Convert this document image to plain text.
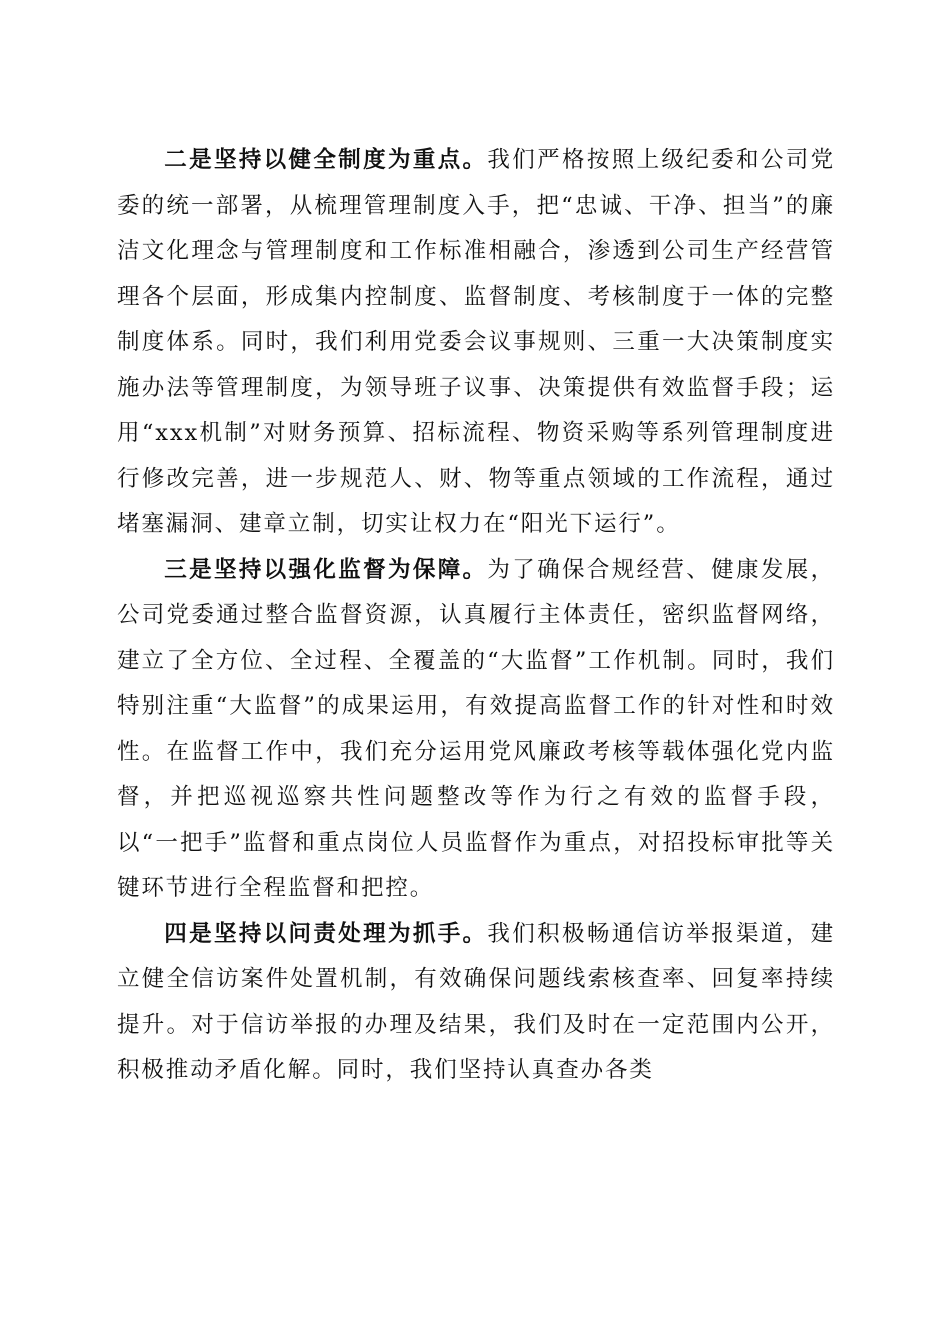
二是坚持以健全制度为重点。我们严格按照上级纪委和公司党委的统一部署，从梳理管理制度入手，把“忠诚、干净、担当”的廉洁文化理念与管理制度和工作标准相融合，渗透到公司生产经营管理各个层面，形成集内控制度、监督制度、考核制度于一体的完整制度体系。同时，我们利用党委会议事规则、三重一大决策制度实施办法等管理制度，为领导班子议事、决策提供有效监督手段；运用“xxx机制”对财务预算、招标流程、物资采购等系列管理制度进行修改完善，进一步规范人、财、物等重点领域的工作流程，通过堵塞漏洞、建章立制，切实让权力在“阳光下运行”。

三是坚持以强化监督为保障。为了确保合规经营、健康发展，公司党委通过整合监督资源，认真履行主体责任，密织监督网络，建立了全方位、全过程、全覆盖的“大监督”工作机制。同时，我们特别注重“大监督”的成果运用，有效提高监督工作的针对性和时效性。在监督工作中，我们充分运用党风廉政考核等载体强化党内监督，并把巡视巡察共性问题整改等作为行之有效的监督手段，以“一把手”监督和重点岗位人员监督作为重点，对招投标审批等关键环节进行全程监督和把控。

四是坚持以问责处理为抓手。我们积极畅通信访举报渠道，建立健全信访案件处置机制，有效确保问题线索核查率、回复率持续提升。对于信访举报的办理及结果，我们及时在一定范围内公开，积极推动矛盾化解。同时，我们坚持认真查办各类
